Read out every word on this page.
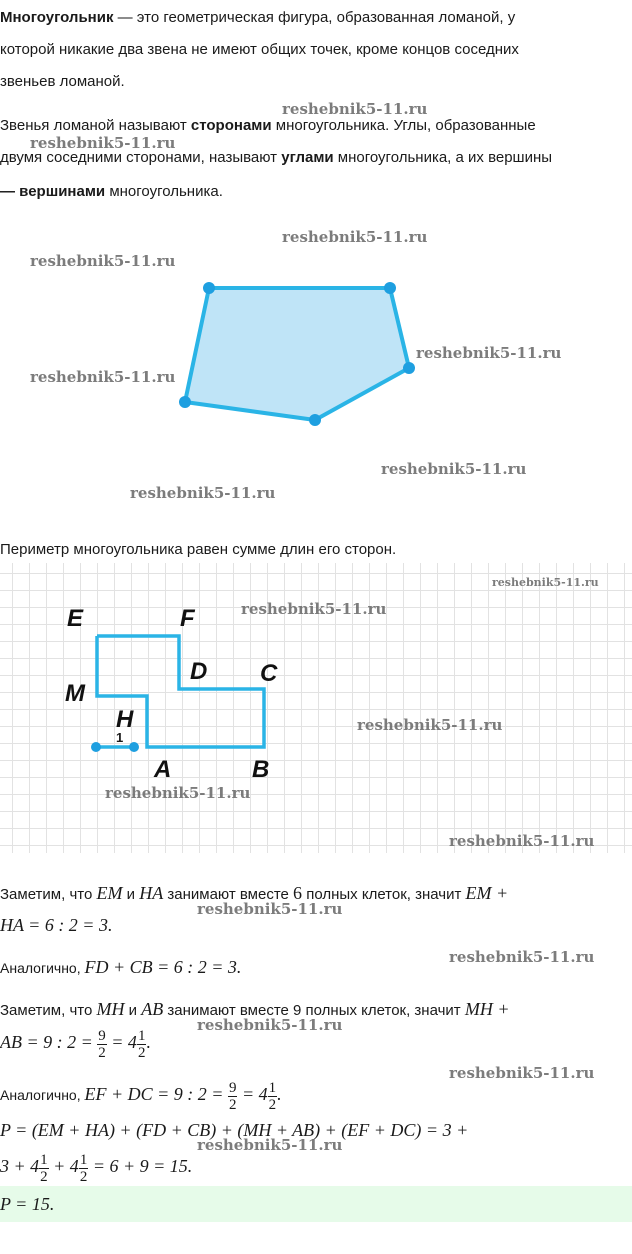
Многоугольник — это геометрическая фигура, образованная ломаной, у

которой никакие два звена не имеют общих точек, кроме концов соседних

звеньев ломаной.

Звенья ломаной называют сторонами многоугольника. Углы, образованные

двумя соседними сторонами, называют углами многоугольника, а их вершины

— вершинами многоугольника.

Периметр многоугольника равен сумме длин его сторон.

E	F
D C
M
H
1
A	B

Заметим, что EM и HA занимают вместе 6 полных клеток, значит EM +

HA = 6 : 2 = 3.

Аналогично, FD + CB = 6 : 2 = 3.

Заметим, что MH и AB занимают вместе 9 полных клеток, значит MH +

AB = 9 : $2 = \frac{9}{2} = 4 \frac{1}{2}$ .

Аналогично, EF + DC = 9 : $2 = \frac{9}{2} = 4 \frac{1}{2}$ .

P = (EM + HA) + (FD + CB) + (MH + AB) + (EF + DC) = 3 +

$3 + 4 \frac{1}{2} + 4 \frac{1}{2} = 6 + 9 = 15$.

P = 15.

reshebnik5-11.ru
reshebnik5-11.ru
reshebnik5-11.ru
reshebnik5-11.ru
reshebnik5-11.ru
reshebnik5-11.ru
reshebnik5-11.ru
reshebnik5-11.ru
reshebnik5-11.ru
reshebnik5-11.ru
reshebnik5-11.ru
reshebnik5-11.ru
reshebnik5-11.ru
reshebnik5-11.ru
reshebnik5-11.ru
reshebnik5-11.ru
reshebnik5-11.ru
reshebnik5-11.ru
